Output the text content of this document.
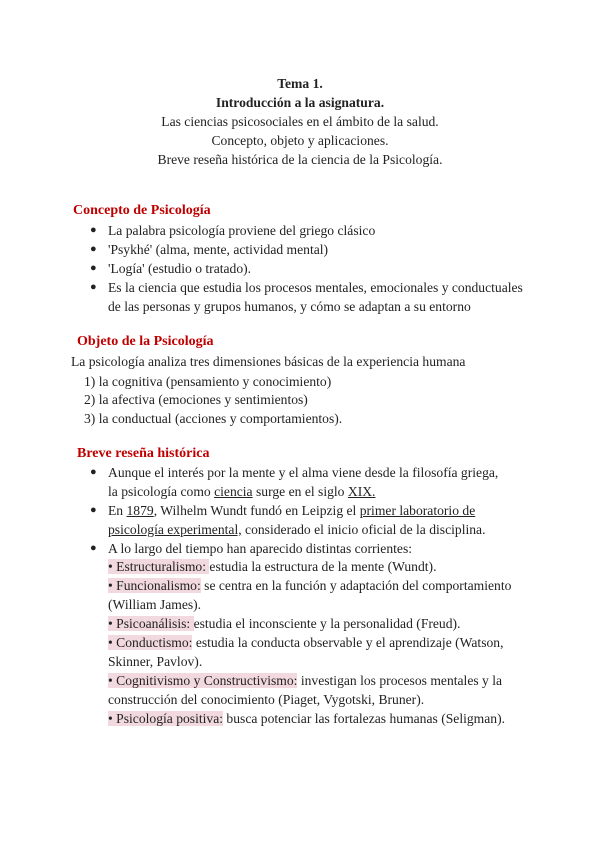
Tema 1.
Introducción a la asignatura.
Las ciencias psicosociales en el ámbito de la salud.
Concepto, objeto y aplicaciones.
Breve reseña histórica de la ciencia de la Psicología.
Concepto de Psicología
● La palabra psicología proviene del griego clásico
● 'Psykhé' (alma, mente, actividad mental)
● 'Logía' (estudio o tratado).
● Es la ciencia que estudia los procesos mentales, emocionales y conductuales de las personas y grupos humanos, y cómo se adaptan a su entorno
Objeto de la Psicología
La psicología analiza tres dimensiones básicas de la experiencia humana
1) la cognitiva (pensamiento y conocimiento)
2) la afectiva (emociones y sentimientos)
3) la conductual (acciones y comportamientos).
Breve reseña histórica
● Aunque el interés por la mente y el alma viene desde la filosofía griega,
la psicología como ciencia surge en el siglo XIX.
● En 1879, Wilhelm Wundt fundó en Leipzig el primer laboratorio de
psicología experimental, considerado el inicio oficial de la disciplina.
● A lo largo del tiempo han aparecido distintas corrientes:
• Estructuralismo: estudia la estructura de la mente (Wundt).
• Funcionalismo: se centra en la función y adaptación del comportamiento (William James).
• Psicoanálisis: estudia el inconsciente y la personalidad (Freud).
• Conductismo: estudia la conducta observable y el aprendizaje (Watson, Skinner, Pavlov).
• Cognitivismo y Constructivismo: investigan los procesos mentales y la construcción del conocimiento (Piaget, Vygotski, Bruner).
• Psicología positiva: busca potenciar las fortalezas humanas (Seligman).
